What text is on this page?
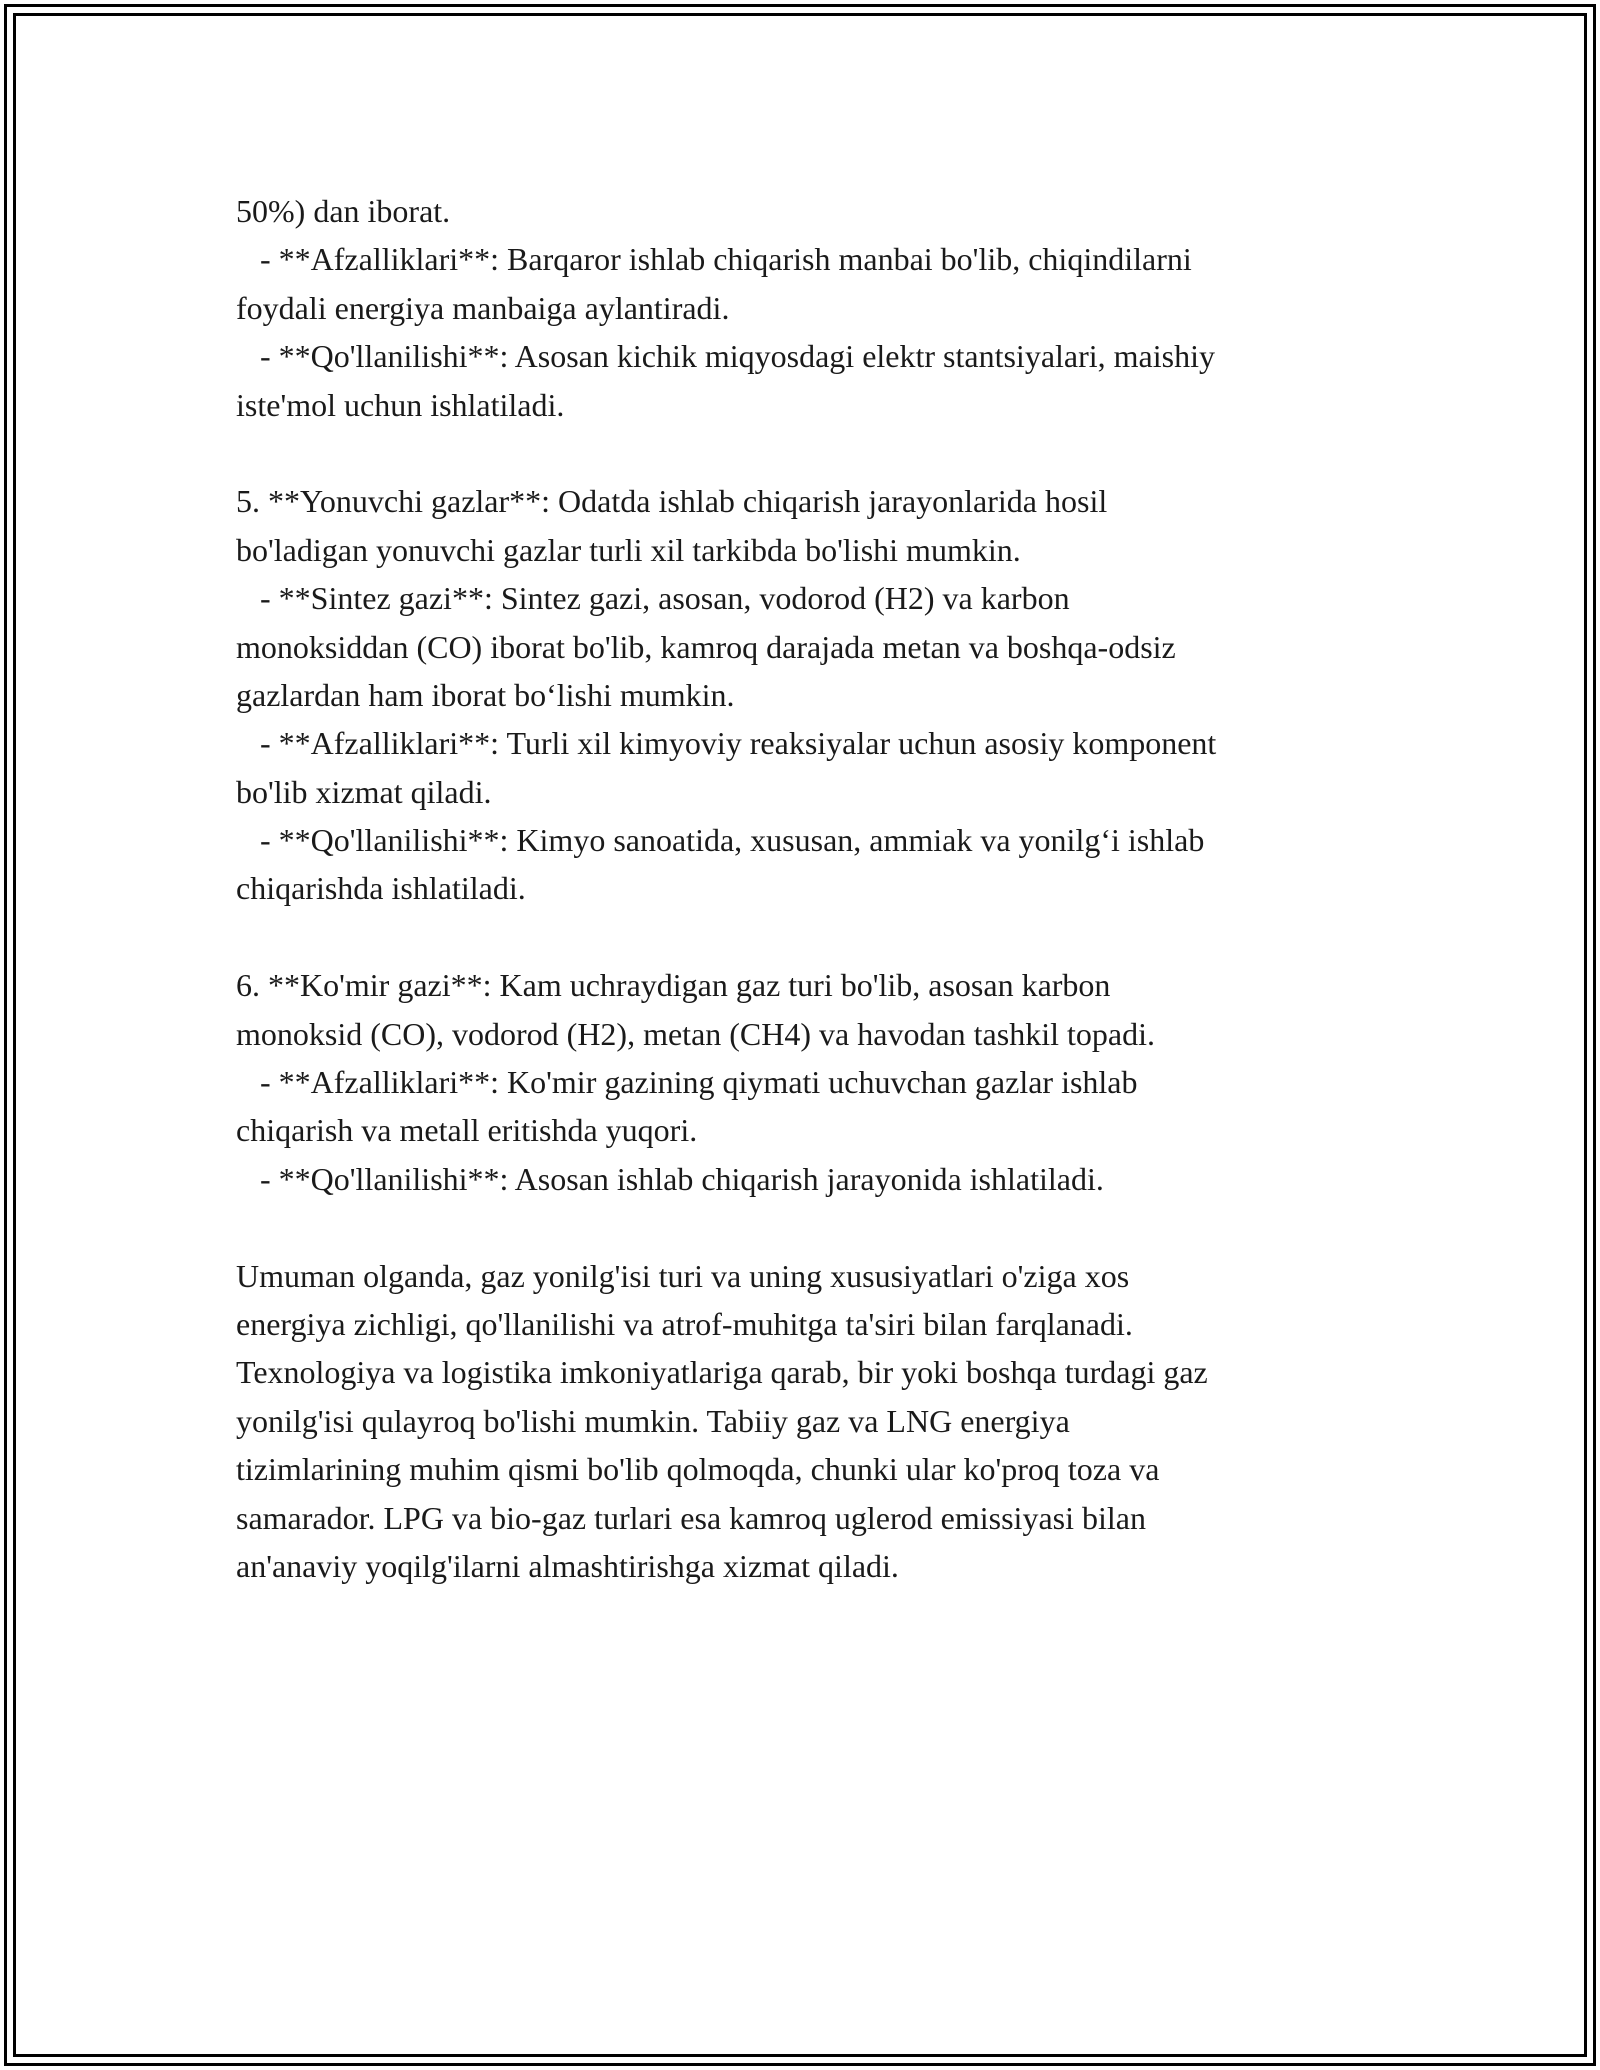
50%) dan iborat.
- **Afzalliklari**: Barqaror ishlab chiqarish manbai bo'lib, chiqindilarni
foydali energiya manbaiga aylantiradi.
- **Qo'llanilishi**: Asosan kichik miqyosdagi elektr stantsiyalari, maishiy
iste'mol uchun ishlatiladi.
5. **Yonuvchi gazlar**: Odatda ishlab chiqarish jarayonlarida hosil
bo'ladigan yonuvchi gazlar turli xil tarkibda bo'lishi mumkin.
- **Sintez gazi**: Sintez gazi, asosan, vodorod (H2) va karbon
monoksiddan (CO) iborat bo'lib, kamroq darajada metan va boshqa-odsiz
gazlardan ham iborat bo‘lishi mumkin.
- **Afzalliklari**: Turli xil kimyoviy reaksiyalar uchun asosiy komponent
bo'lib xizmat qiladi.
- **Qo'llanilishi**: Kimyo sanoatida, xususan, ammiak va yonilg‘i ishlab
chiqarishda ishlatiladi.
6. **Ko'mir gazi**: Kam uchraydigan gaz turi bo'lib, asosan karbon
monoksid (CO), vodorod (H2), metan (CH4) va havodan tashkil topadi.
- **Afzalliklari**: Ko'mir gazining qiymati uchuvchan gazlar ishlab
chiqarish va metall eritishda yuqori.
- **Qo'llanilishi**: Asosan ishlab chiqarish jarayonida ishlatiladi.
Umuman olganda, gaz yonilg'isi turi va uning xususiyatlari o'ziga xos
energiya zichligi, qo'llanilishi va atrof-muhitga ta'siri bilan farqlanadi.
Texnologiya va logistika imkoniyatlariga qarab, bir yoki boshqa turdagi gaz
yonilg'isi qulayroq bo'lishi mumkin. Tabiiy gaz va LNG energiya
tizimlarining muhim qismi bo'lib qolmoqda, chunki ular ko'proq toza va
samarador. LPG va bio-gaz turlari esa kamroq uglerod emissiyasi bilan
an'anaviy yoqilg'ilarni almashtirishga xizmat qiladi.
